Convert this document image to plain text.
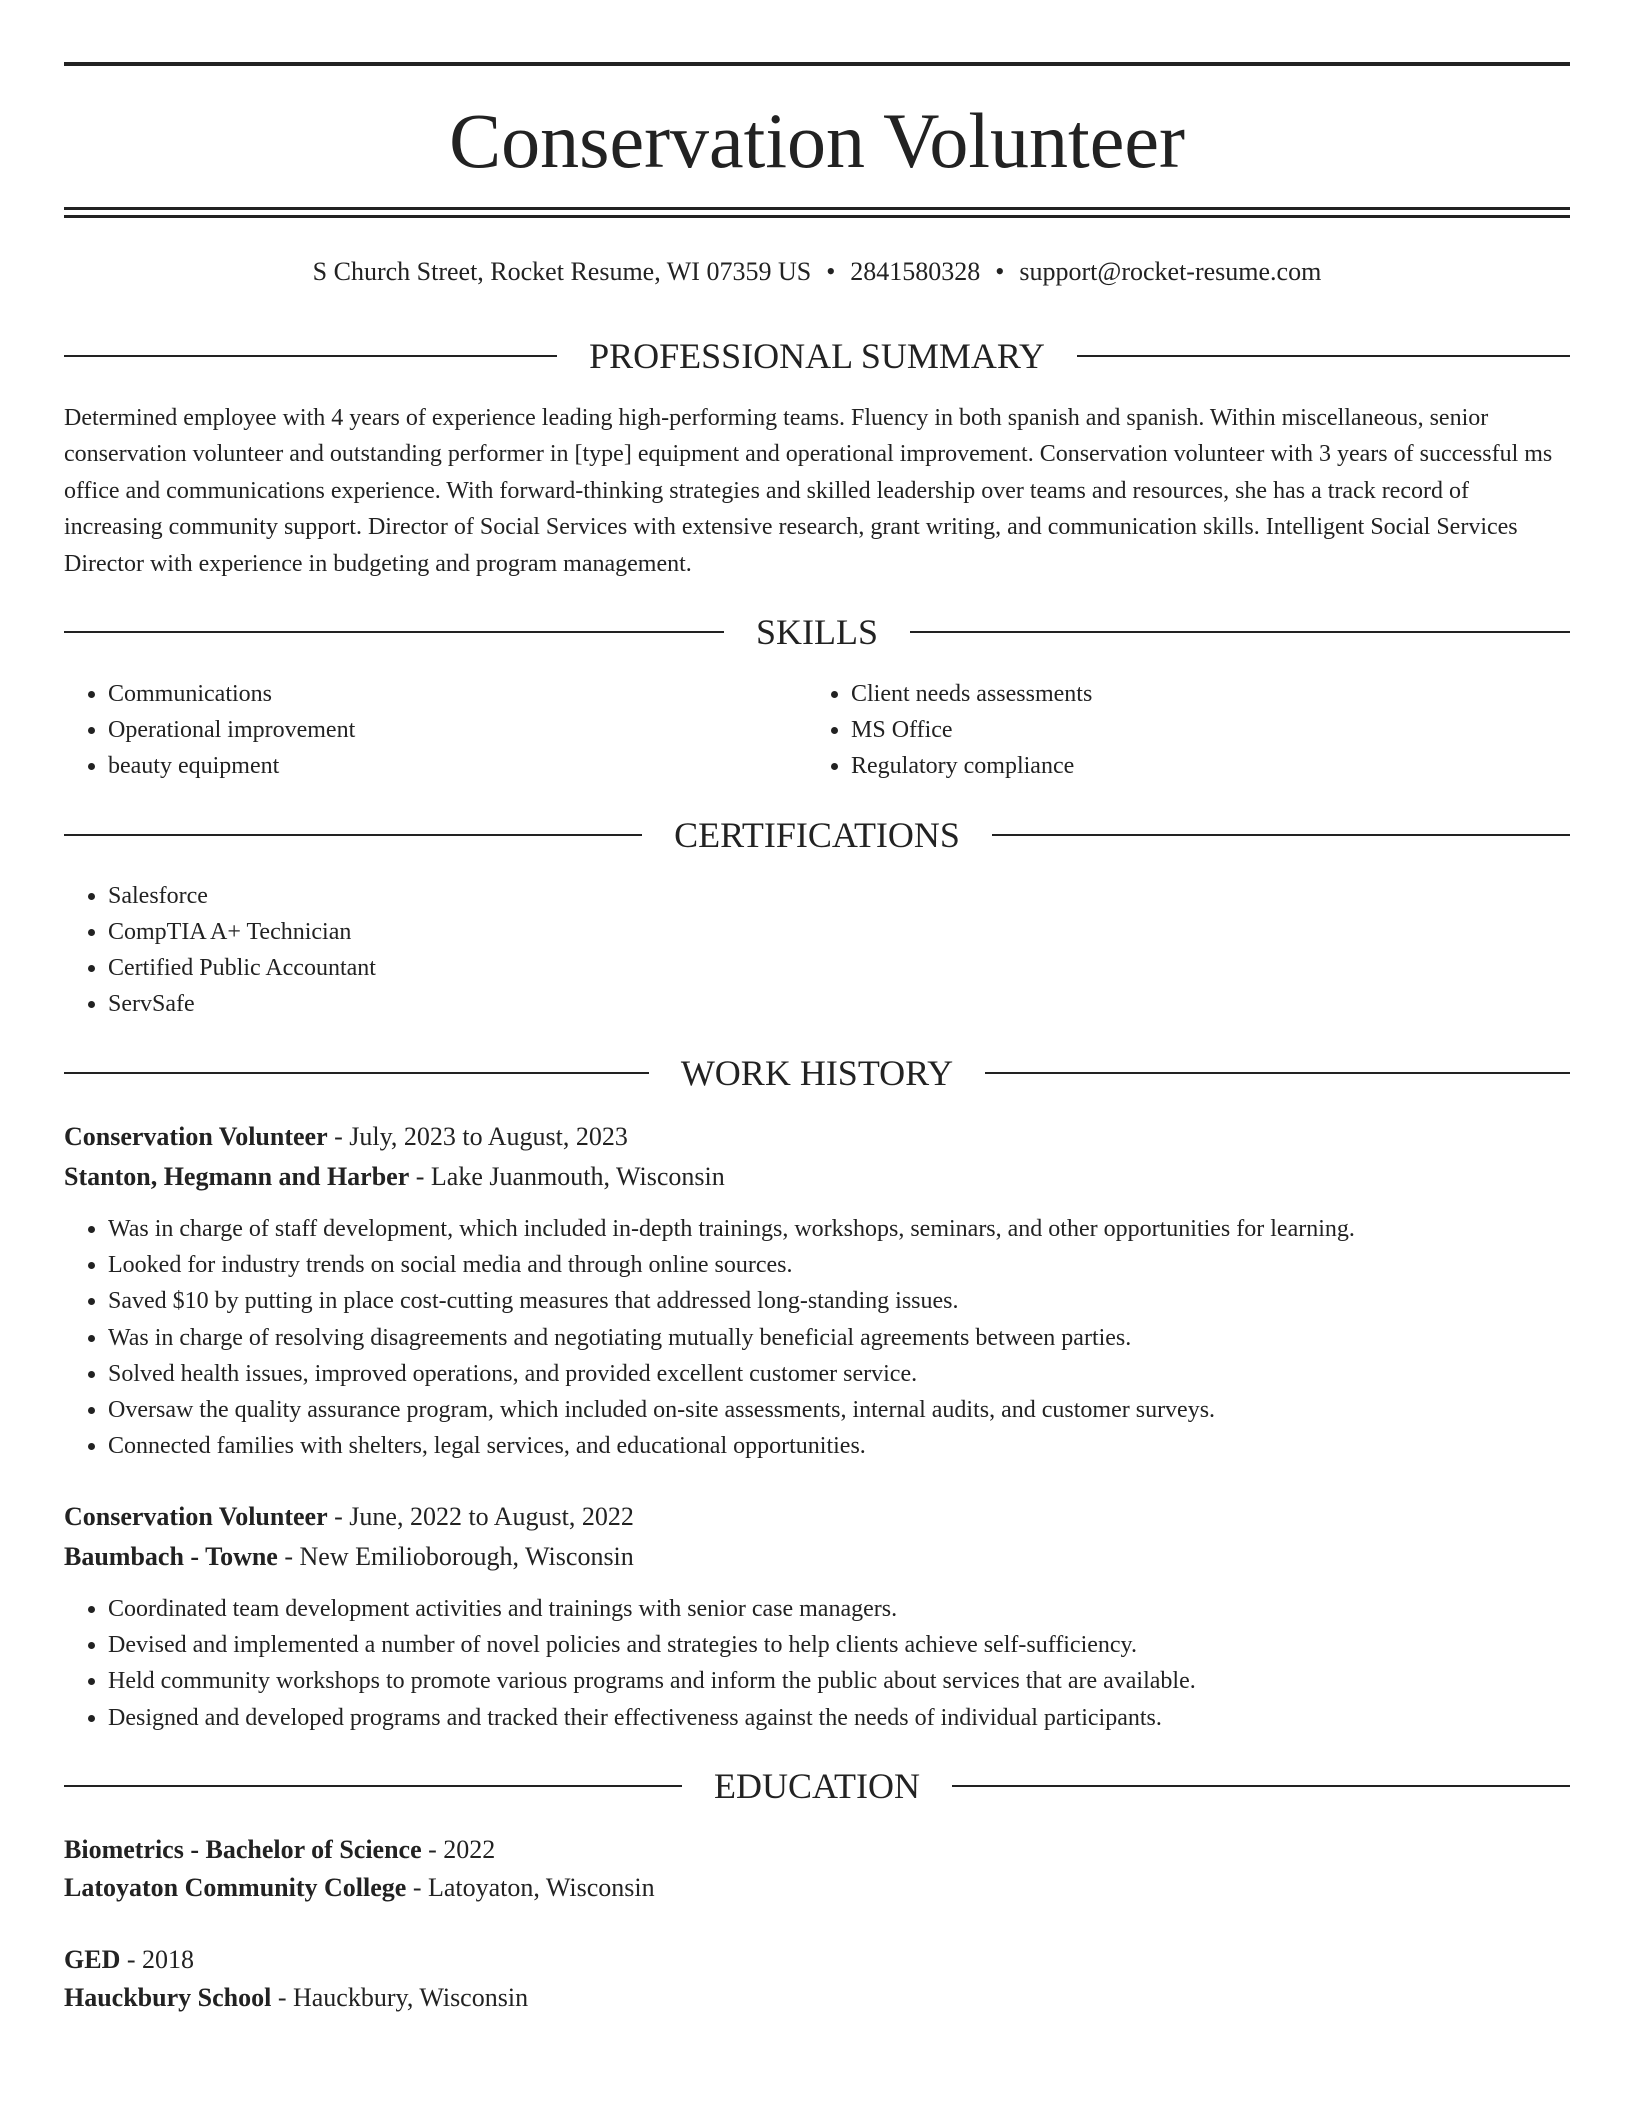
Conservation Volunteer
S Church Street, Rocket Resume, WI 07359 US • 2841580328 • support@rocket-resume.com
PROFESSIONAL SUMMARY

Determined employee with 4 years of experience leading high-performing teams. Fluency in both spanish and spanish. Within miscellaneous, senior conservation volunteer and outstanding performer in [type] equipment and operational improvement. Conservation volunteer with 3 years of successful ms office and communications experience. With forward-thinking strategies and skilled leadership over teams and resources, she has a track record of increasing community support. Director of Social Services with extensive research, grant writing, and communication skills. Intelligent Social Services Director with experience in budgeting and program management.

SKILLS
• Communications
• Operational improvement
• beauty equipment
• Client needs assessments
• MS Office
• Regulatory compliance
CERTIFICATIONS
• Salesforce
• CompTIA A+ Technician
• Certified Public Accountant
• ServSafe
WORK HISTORY
Conservation Volunteer - July, 2023 to August, 2023
Stanton, Hegmann and Harber - Lake Juanmouth, Wisconsin
• Was in charge of staff development, which included in-depth trainings, workshops, seminars, and other opportunities for learning.
• Looked for industry trends on social media and through online sources.
• Saved $10 by putting in place cost-cutting measures that addressed long-standing issues.
• Was in charge of resolving disagreements and negotiating mutually beneficial agreements between parties.
• Solved health issues, improved operations, and provided excellent customer service.
• Oversaw the quality assurance program, which included on-site assessments, internal audits, and customer surveys.
• Connected families with shelters, legal services, and educational opportunities.
Conservation Volunteer - June, 2022 to August, 2022
Baumbach - Towne - New Emilioborough, Wisconsin
• Coordinated team development activities and trainings with senior case managers.
• Devised and implemented a number of novel policies and strategies to help clients achieve self-sufficiency.
• Held community workshops to promote various programs and inform the public about services that are available.
• Designed and developed programs and tracked their effectiveness against the needs of individual participants.
EDUCATION
Biometrics - Bachelor of Science - 2022
Latoyaton Community College - Latoyaton, Wisconsin
GED - 2018
Hauckbury School - Hauckbury, Wisconsin
